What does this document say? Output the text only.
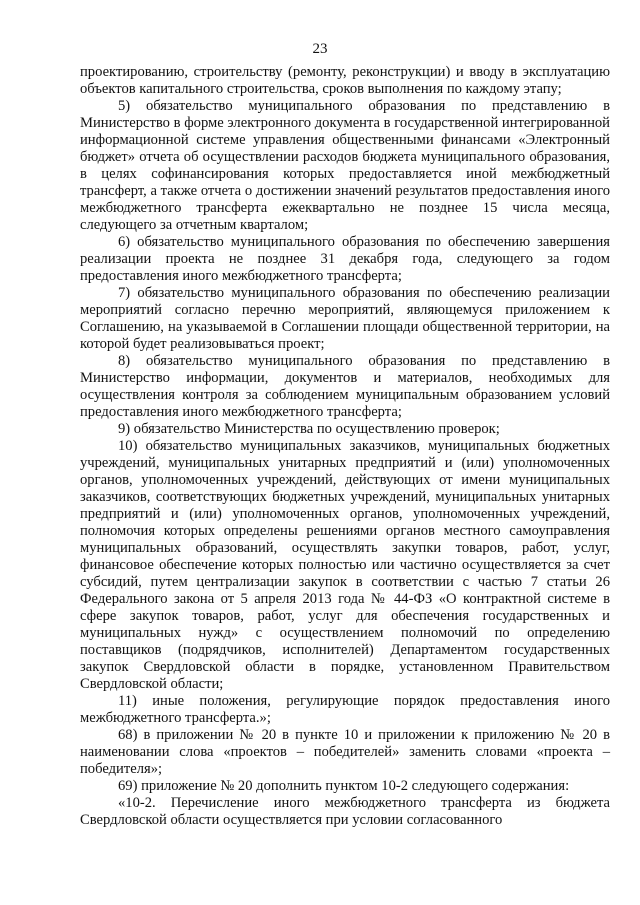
23

проектированию, строительству (ремонту, реконструкции) и вводу в эксплуатацию объектов капитального строительства, сроков выполнения по каждому этапу;

5) обязательство муниципального образования по представлению в Министерство в форме электронного документа в государственной интегрированной информационной системе управления общественными финансами «Электронный бюджет» отчета об осуществлении расходов бюджета муниципального образования, в целях софинансирования которых предоставляется иной межбюджетный трансферт, а также отчета о достижении значений результатов предоставления иного межбюджетного трансферта ежеквартально не позднее 15 числа месяца, следующего за отчетным кварталом;

6) обязательство муниципального образования по обеспечению завершения реализации проекта не позднее 31 декабря года, следующего за годом предоставления иного межбюджетного трансферта;

7) обязательство муниципального образования по обеспечению реализации мероприятий согласно перечню мероприятий, являющемуся приложением к Соглашению, на указываемой в Соглашении площади общественной территории, на которой будет реализовываться проект;

8) обязательство муниципального образования по представлению в Министерство информации, документов и материалов, необходимых для осуществления контроля за соблюдением муниципальным образованием условий предоставления иного межбюджетного трансферта;

9) обязательство Министерства по осуществлению проверок;

10) обязательство муниципальных заказчиков, муниципальных бюджетных учреждений, муниципальных унитарных предприятий и (или) уполномоченных органов, уполномоченных учреждений, действующих от имени муниципальных заказчиков, соответствующих бюджетных учреждений, муниципальных унитарных предприятий и (или) уполномоченных органов, уполномоченных учреждений, полномочия которых определены решениями органов местного самоуправления муниципальных образований, осуществлять закупки товаров, работ, услуг, финансовое обеспечение которых полностью или частично осуществляется за счет субсидий, путем централизации закупок в соответствии с частью 7 статьи 26 Федерального закона от 5 апреля 2013 года № 44-ФЗ «О контрактной системе в сфере закупок товаров, работ, услуг для обеспечения государственных и муниципальных нужд» с осуществлением полномочий по определению поставщиков (подрядчиков, исполнителей) Департаментом государственных закупок Свердловской области в порядке, установленном Правительством Свердловской области;

11) иные положения, регулирующие порядок предоставления иного межбюджетного трансферта.»;

68) в приложении № 20 в пункте 10 и приложении к приложению № 20 в наименовании слова «проектов – победителей» заменить словами «проекта – победителя»;

69) приложение № 20 дополнить пунктом 10-2 следующего содержания:

«10-2. Перечисление иного межбюджетного трансферта из бюджета Свердловской области осуществляется при условии согласованного
